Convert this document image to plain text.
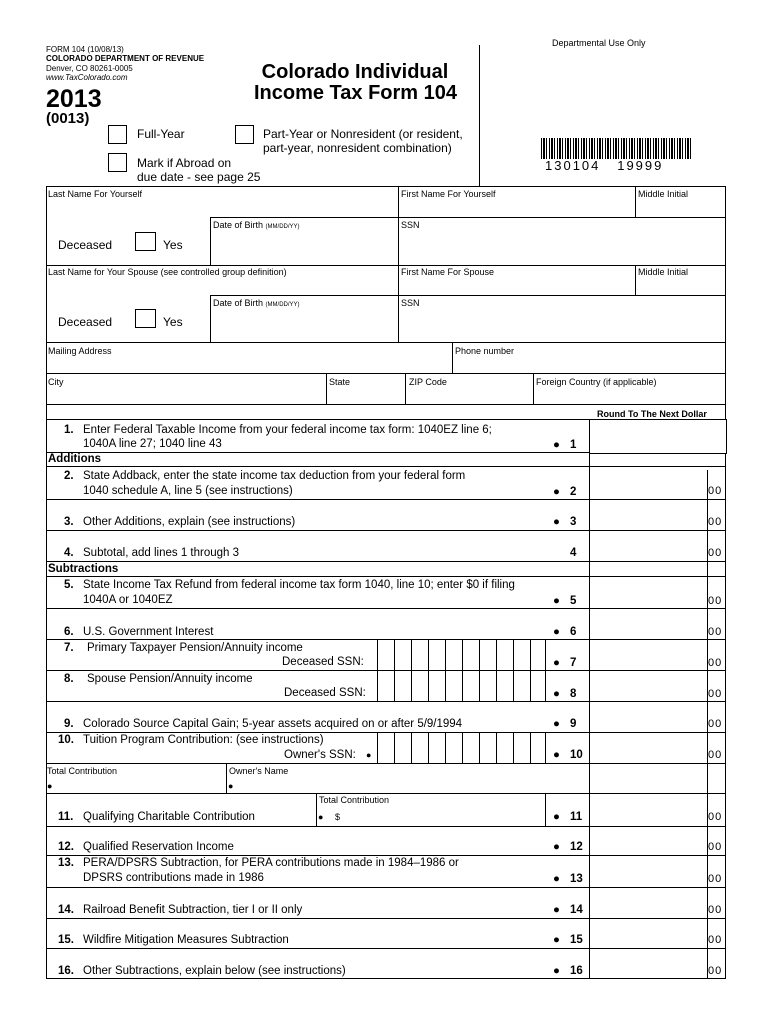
FORM 104 (10/08/13)
COLORADO DEPARTMENT OF REVENUE
Denver, CO 80261-0005
www.TaxColorado.com
2013
(0013)
Colorado Individual
Income Tax Form 104
Departmental Use Only
130104   19999
Full-Year	Part-Year or Nonresident (or resident,
part-year, nonresident combination)
Mark if Abroad on
due date - see page 25
Last Name For Yourself	First Name For Yourself	Middle Initial
Date of Birth (MM/DD/YY)	SSN
Deceased	Yes
Last Name for Your Spouse (see controlled group definition)	First Name For Spouse	Middle Initial
Date of Birth (MM/DD/YY)	SSN
Deceased	Yes
Mailing Address	Phone number
City	State	ZIP Code	Foreign Country (if applicable)
Round To The Next Dollar
1. Enter Federal Taxable Income from your federal income tax form: 1040EZ line 6;
1040A line 27; 1040 line 43	● 1
Additions
2. State Addback, enter the state income tax deduction from your federal form
1040 schedule A, line 5 (see instructions)	● 2	00
3. Other Additions, explain (see instructions)	● 3	00
4. Subtotal, add lines 1 through 3	4	00
Subtractions
5. State Income Tax Refund from federal income tax form 1040, line 10; enter $0 if filing
1040A or 1040EZ	● 5	00
6. U.S. Government Interest	● 6	00
7. Primary Taxpayer Pension/Annuity income
Deceased SSN:	● 7	00
8. Spouse Pension/Annuity income
Deceased SSN:	● 8	00
9. Colorado Source Capital Gain; 5-year assets acquired on or after 5/9/1994	● 9	00
10. Tuition Program Contribution: (see instructions)
Owner's SSN: ●	● 10	00
Total Contribution
●
Owner's Name
●
Total Contribution
● $
11. Qualifying Charitable Contribution	● 11	00
12. Qualified Reservation Income	● 12	00
13. PERA/DPSRS Subtraction, for PERA contributions made in 1984–1986 or
DPSRS contributions made in 1986	● 13	00
14. Railroad Benefit Subtraction, tier I or II only	● 14	00
15. Wildfire Mitigation Measures Subtraction	● 15	00
16. Other Subtractions, explain below (see instructions)	● 16	00
